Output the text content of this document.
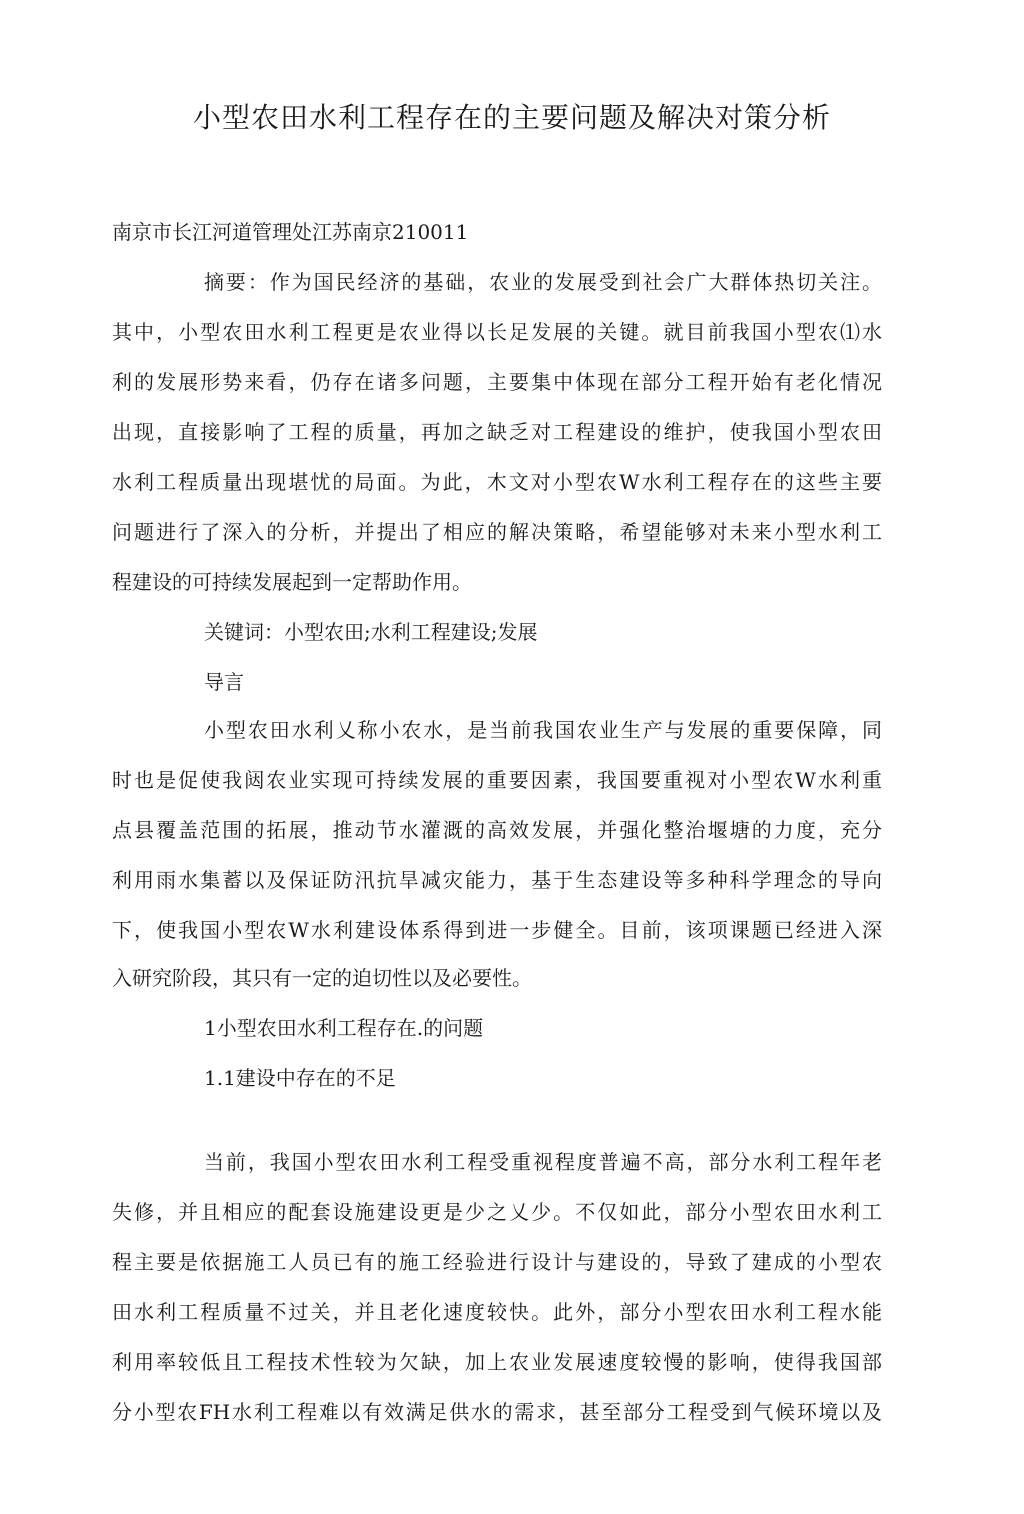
小型农田水利工程存在的主要问题及解决对策分析
南京市长江河道管理处江苏南京210011
摘要：作为国民经济的基础，农业的发展受到社会广大群体热切关注。
其中，小型农田水利工程更是农业得以长足发展的关键。就目前我国小型农⑴水
利的发展形势来看，仍存在诸多问题，主要集中体现在部分工程开始有老化情况
出现，直接影响了工程的质量，再加之缺乏对工程建设的维护，使我国小型农田
水利工程质量出现堪忧的局面。为此，木文对小型农W水利工程存在的这些主要
问题进行了深入的分析，并提出了相应的解决策略，希望能够对未来小型水利工
程建设的可持续发展起到一定帮助作用。
关键词：小型农田;水利工程建设;发展
导言
小型农田水利乂称小农水，是当前我国农业生产与发展的重要保障，同
时也是促使我闼农业实现可持续发展的重要因素，我国要重视对小型农W水利重
点县覆盖范围的拓展，推动节水灌溉的高效发展，并强化整治堰塘的力度，充分
利用雨水集蓄以及保证防汛抗旱减灾能力，基于生态建设等多种科学理念的导向
下，使我国小型农W水利建设体系得到进一步健全。目前，该项课题已经进入深
入研究阶段，其只有一定的迫切性以及必要性。
1小型农田水利工程存在.的问题
1.1建设中存在的不足
当前，我国小型农田水利工程受重视程度普遍不高，部分水利工程年老
失修，并且相应的配套设施建设更是少之乂少。不仅如此，部分小型农田水利工
程主要是依据施工人员已有的施工经验进行设计与建设的，导致了建成的小型农
田水利工程质量不过关，并且老化速度较快。此外，部分小型农田水利工程水能
利用率较低且工程技术性较为欠缺，加上农业发展速度较慢的影响，使得我国部
分小型农FH水利工程难以有效满足供水的需求，甚至部分工程受到气候环境以及
